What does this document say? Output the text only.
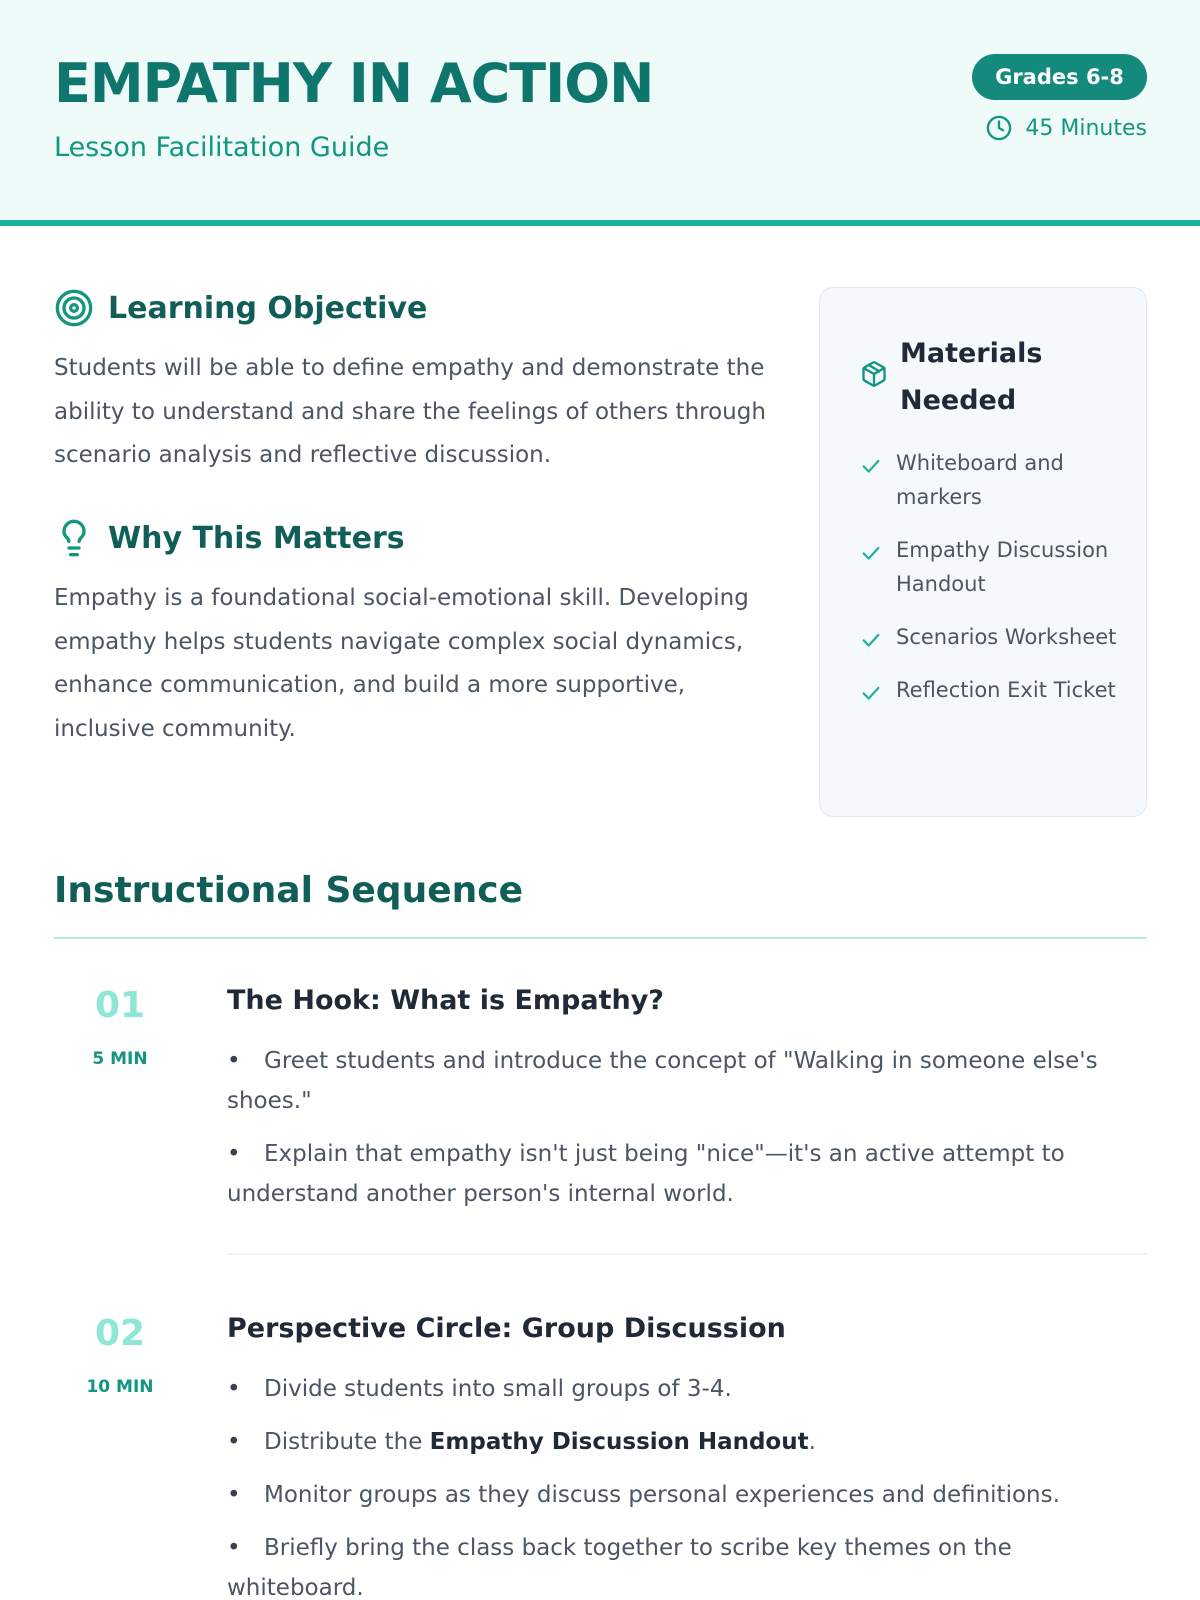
EMPATHY IN ACTION
Lesson Facilitation Guide
Grades 6-8
45 Minutes
Learning Objective

Students will be able to define empathy and demonstrate the ability to understand and share the feelings of others through scenario analysis and reflective discussion.

Why This Matters

Empathy is a foundational social-emotional skill. Developing empathy helps students navigate complex social dynamics, enhance communication, and build a more supportive, inclusive community.

Materials Needed
Whiteboard and markers
Empathy Discussion Handout
Scenarios Worksheet
Reflection Exit Ticket
Instructional Sequence
01
5 MIN
The Hook: What is Empathy?
• Greet students and introduce the concept of "Walking in someone else's shoes."
• Explain that empathy isn't just being "nice"—it's an active attempt to understand another person's internal world.
02
10 MIN
Perspective Circle: Group Discussion
• Divide students into small groups of 3-4.
• Distribute the Empathy Discussion Handout.
• Monitor groups as they discuss personal experiences and definitions.
• Briefly bring the class back together to scribe key themes on the whiteboard.
